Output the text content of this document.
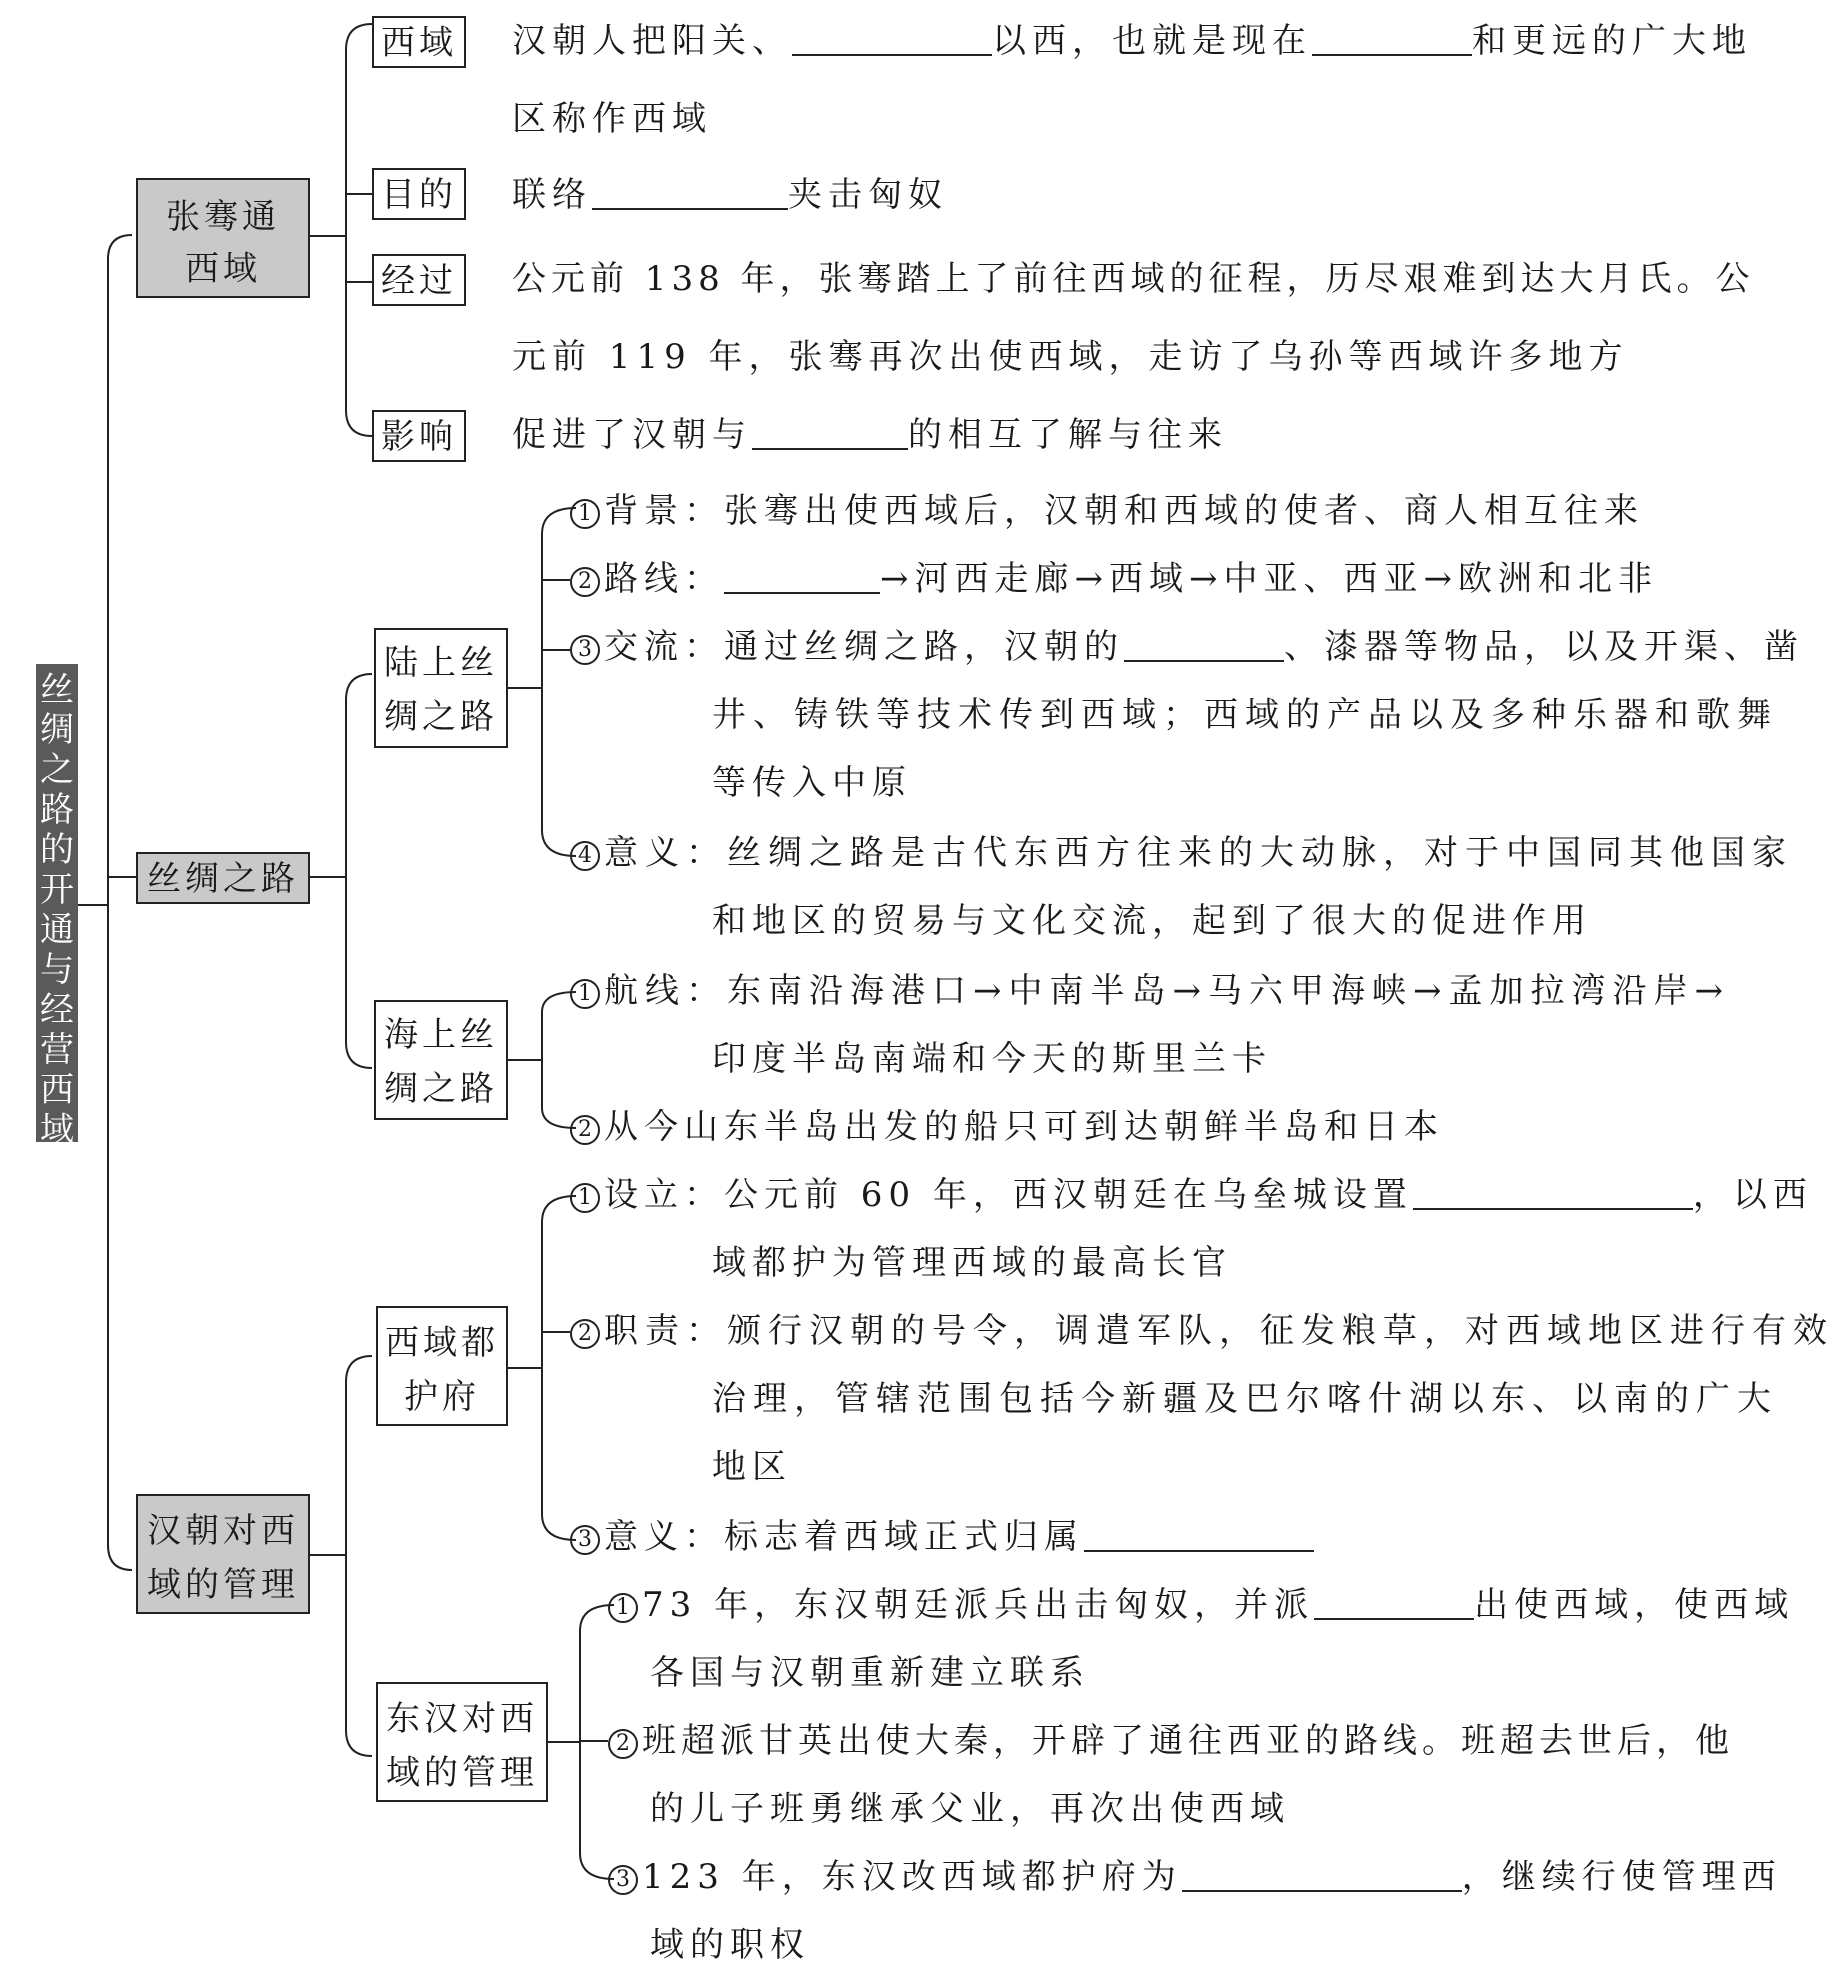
丝
绸
之
路
的
开
通
与
经
营
西
域
张骞通
西域
丝绸之路
汉朝对西
域的管理
西域
目的
经过
影响
汉朝人把阳关、	以西，也就是现在	和更远的广大地
区称作西域
联络	夹击匈奴
公元前 138 年，张骞踏上了前往西域的征程，历尽艰难到达大月氏。公
元前 119 年，张骞再次出使西域，走访了乌孙等西域许多地方
促进了汉朝与	的相互了解与往来
陆上丝
绸之路
1 背景：张骞出使西域后，汉朝和西域的使者、商人相互往来
2 路线：	→河西走廊→西域→中亚、西亚→欧洲和北非
3 交流：通过丝绸之路，汉朝的	、漆器等物品，以及开渠、凿
井、铸铁等技术传到西域；西域的产品以及多种乐器和歌舞
等传入中原
4 意义：丝绸之路是古代东西方往来的大动脉，对于中国同其他国家
和地区的贸易与文化交流，起到了很大的促进作用
海上丝
绸之路
1 航线：东南沿海港口→中南半岛→马六甲海峡→孟加拉湾沿岸→
印度半岛南端和今天的斯里兰卡
2 从今山东半岛出发的船只可到达朝鲜半岛和日本
西域都
护府
1 设立：公元前 60 年，西汉朝廷在乌垒城设置	，以西
域都护为管理西域的最高长官
2 职责：颁行汉朝的号令，调遣军队，征发粮草，对西域地区进行有效
治理，管辖范围包括今新疆及巴尔喀什湖以东、以南的广大
地区
3 意义：标志着西域正式归属
东汉对西
域的管理
1 73 年，东汉朝廷派兵出击匈奴，并派	出使西域，使西域
各国与汉朝重新建立联系
2 班超派甘英出使大秦，开辟了通往西亚的路线。班超去世后，他
的儿子班勇继承父业，再次出使西域
3 123 年，东汉改西域都护府为	，继续行使管理西
域的职权
